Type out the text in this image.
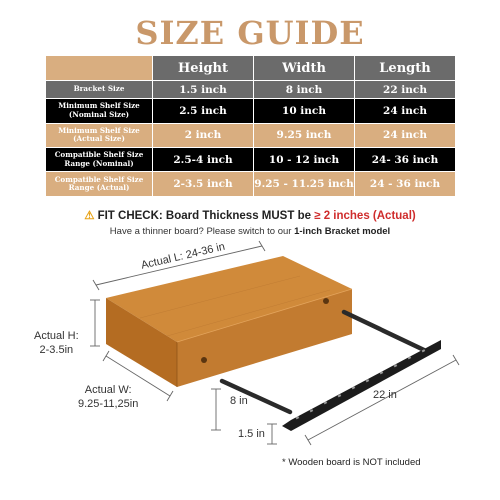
SIZE GUIDE
	Height	Width	Length

Bracket Size	1.5 inch	8 inch	22 inch

Minimum Shelf Size
(Nominal Size)	2.5 inch	10 inch	24 inch

Minimum Shelf Size
(Actual Size)	2 inch	9.25 inch	24 inch

Compatible Shelf Size
Range (Nominal)	2.5-4 inch	10 - 12 inch	24- 36 inch

Compatible Shelf Size
Range (Actual)	2-3.5 inch	9.25 - 11.25 inch	24 - 36 inch
⚠ FIT CHECK: Board Thickness MUST be ≥ 2 inches (Actual)
Have a thinner board? Please switch to our 1-inch Bracket model
Actual L: 24-36 in
Actual H:
2-3.5in
Actual W:
9.25-11,25in	8 in	22 in
1.5 in
* Wooden board is NOT included
